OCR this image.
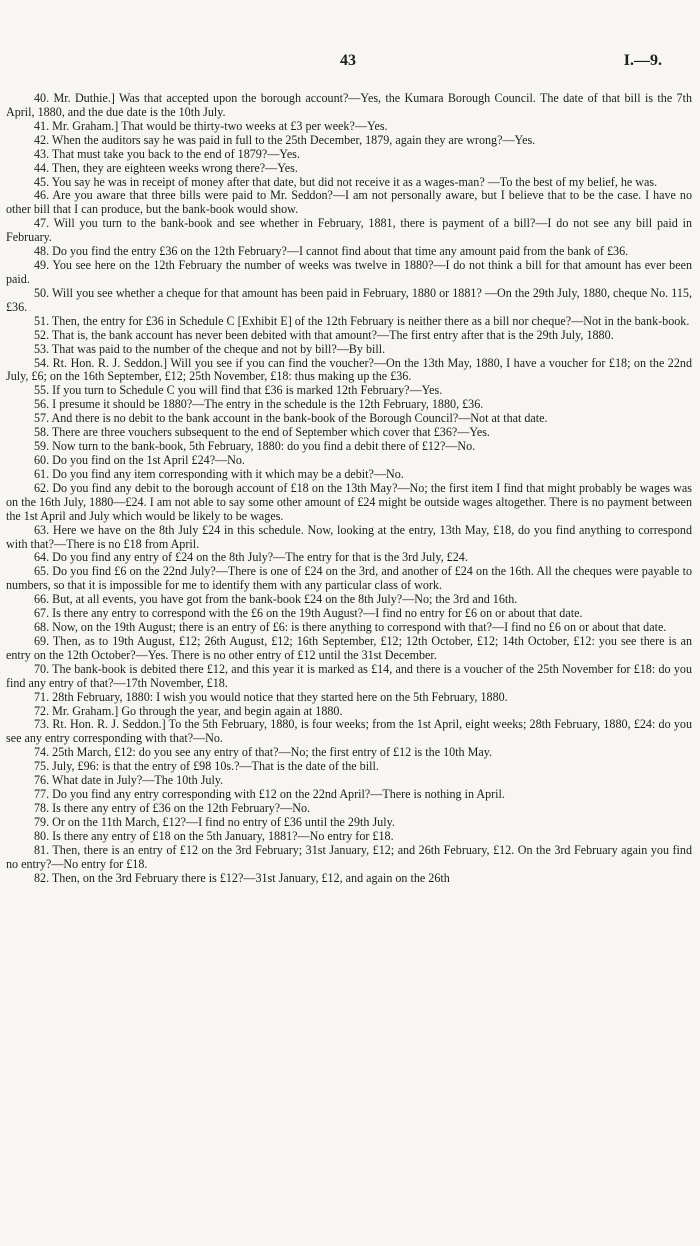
43	I.—9.

40. Mr. Duthie.] Was that accepted upon the borough account?—Yes, the Kumara Borough Council. The date of that bill is the 7th April, 1880, and the due date is the 10th July.

41. Mr. Graham.] That would be thirty-two weeks at £3 per week?—Yes.

42. When the auditors say he was paid in full to the 25th December, 1879, again they are wrong?—Yes.

43. That must take you back to the end of 1879?—Yes.

44. Then, they are eighteen weeks wrong there?—Yes.

45. You say he was in receipt of money after that date, but did not receive it as a wages-man? —To the best of my belief, he was.

46. Are you aware that three bills were paid to Mr. Seddon?—I am not personally aware, but I believe that to be the case. I have no other bill that I can produce, but the bank-book would show.

47. Will you turn to the bank-book and see whether in February, 1881, there is payment of a bill?—I do not see any bill paid in February.

48. Do you find the entry £36 on the 12th February?—I cannot find about that time any amount paid from the bank of £36.

49. You see here on the 12th February the number of weeks was twelve in 1880?—I do not think a bill for that amount has ever been paid.

50. Will you see whether a cheque for that amount has been paid in February, 1880 or 1881? —On the 29th July, 1880, cheque No. 115, £36.

51. Then, the entry for £36 in Schedule C [Exhibit E] of the 12th February is neither there as a bill nor cheque?—Not in the bank-book.

52. That is, the bank account has never been debited with that amount?—The first entry after that is the 29th July, 1880.

53. That was paid to the number of the cheque and not by bill?—By bill.

54. Rt. Hon. R. J. Seddon.] Will you see if you can find the voucher?—On the 13th May, 1880, I have a voucher for £18; on the 22nd July, £6; on the 16th September, £12; 25th November, £18: thus making up the £36.

55. If you turn to Schedule C you will find that £36 is marked 12th February?—Yes.

56. I presume it should be 1880?—The entry in the schedule is the 12th February, 1880, £36.

57. And there is no debit to the bank account in the bank-book of the Borough Council?—Not at that date.

58. There are three vouchers subsequent to the end of September which cover that £36?—Yes.

59. Now turn to the bank-book, 5th February, 1880: do you find a debit there of £12?—No.

60. Do you find on the 1st April £24?—No.

61. Do you find any item corresponding with it which may be a debit?—No.

62. Do you find any debit to the borough account of £18 on the 13th May?—No; the first item I find that might probably be wages was on the 16th July, 1880—£24. I am not able to say some other amount of £24 might be outside wages altogether. There is no payment between the 1st April and July which would be likely to be wages.

63. Here we have on the 8th July £24 in this schedule. Now, looking at the entry, 13th May, £18, do you find anything to correspond with that?—There is no £18 from April.

64. Do you find any entry of £24 on the 8th July?—The entry for that is the 3rd July, £24.

65. Do you find £6 on the 22nd July?—There is one of £24 on the 3rd, and another of £24 on the 16th. All the cheques were payable to numbers, so that it is impossible for me to identify them with any particular class of work.

66. But, at all events, you have got from the bank-book £24 on the 8th July?—No; the 3rd and 16th.

67. Is there any entry to correspond with the £6 on the 19th August?—I find no entry for £6 on or about that date.

68. Now, on the 19th August; there is an entry of £6: is there anything to correspond with that?—I find no £6 on or about that date.

69. Then, as to 19th August, £12; 26th August, £12; 16th September, £12; 12th October, £12; 14th October, £12: you see there is an entry on the 12th October?—Yes. There is no other entry of £12 until the 31st December.

70. The bank-book is debited there £12, and this year it is marked as £14, and there is a voucher of the 25th November for £18: do you find any entry of that?—17th November, £18.

71. 28th February, 1880: I wish you would notice that they started here on the 5th February, 1880.

72. Mr. Graham.] Go through the year, and begin again at 1880.

73. Rt. Hon. R. J. Seddon.] To the 5th February, 1880, is four weeks; from the 1st April, eight weeks; 28th February, 1880, £24: do you see any entry corresponding with that?—No.

74. 25th March, £12: do you see any entry of that?—No; the first entry of £12 is the 10th May.

75. July, £96: is that the entry of £98 10s.?—That is the date of the bill.

76. What date in July?—The 10th July.

77. Do you find any entry corresponding with £12 on the 22nd April?—There is nothing in April.

78. Is there any entry of £36 on the 12th February?—No.

79. Or on the 11th March, £12?—I find no entry of £36 until the 29th July.

80. Is there any entry of £18 on the 5th January, 1881?—No entry for £18.

81. Then, there is an entry of £12 on the 3rd February; 31st January, £12; and 26th February, £12. On the 3rd February again you find no entry?—No entry for £18.

82. Then, on the 3rd February there is £12?—31st January, £12, and again on the 26th
